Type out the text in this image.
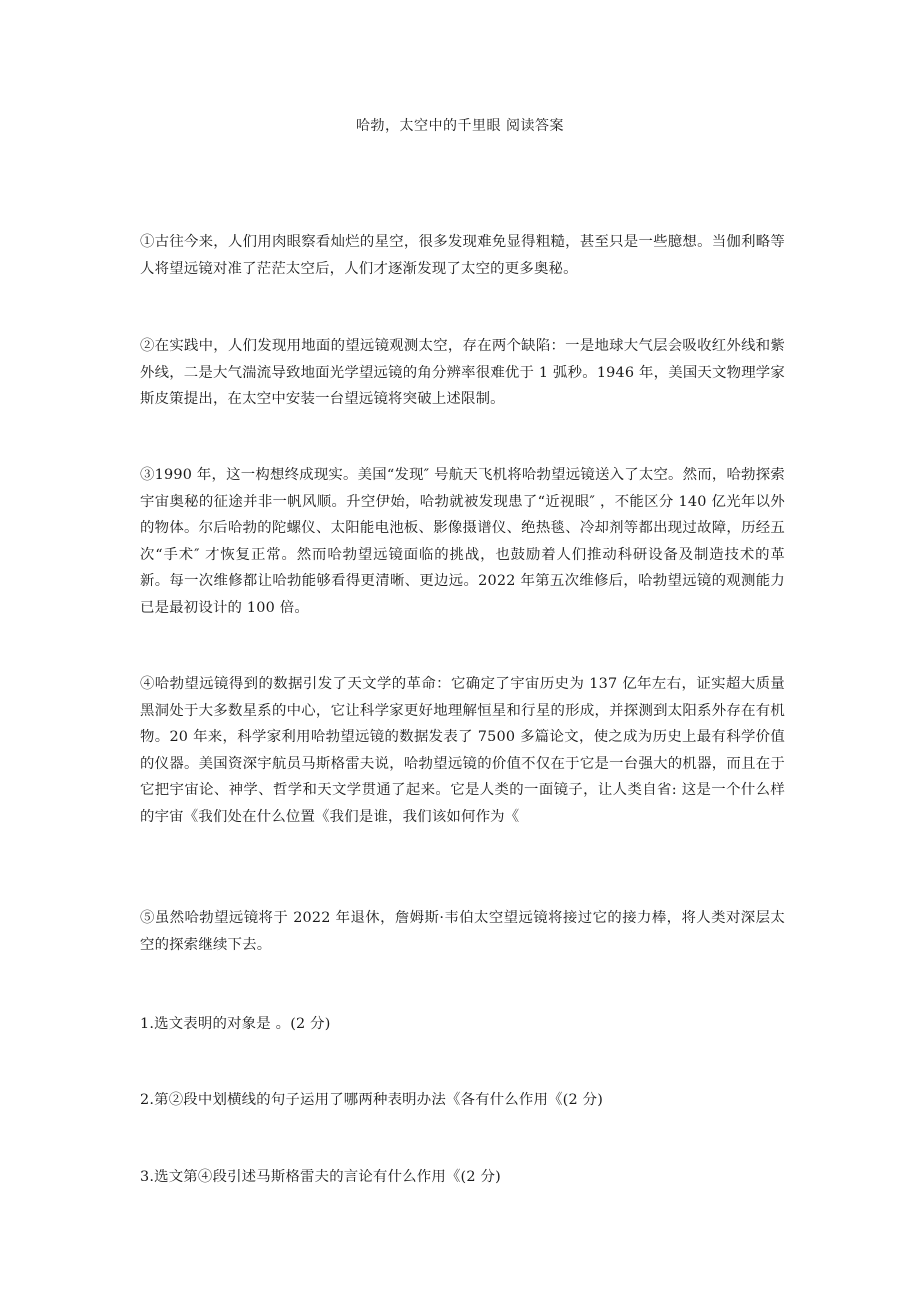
哈勃，太空中的千里眼 阅读答案

①古往今来，人们用肉眼察看灿烂的星空，很多发现难免显得粗糙，甚至只是一些臆想。当伽利略等人将望远镜对准了茫茫太空后，人们才逐渐发现了太空的更多奥秘。

②在实践中，人们发现用地面的望远镜观测太空，存在两个缺陷：一是地球大气层会吸收红外线和紫外线，二是大气湍流导致地面光学望远镜的角分辨率很难优于 1 弧秒。1946 年，美国天文物理学家斯皮策提出，在太空中安装一台望远镜将突破上述限制。

③1990 年，这一构想终成现实。美国“发现″ 号航天飞机将哈勃望远镜送入了太空。然而，哈勃探索宇宙奥秘的征途并非一帆风顺。升空伊始，哈勃就被发现患了“近视眼″ ，不能区分 140 亿光年以外的物体。尔后哈勃的陀螺仪、太阳能电池板、影像摄谱仪、绝热毯、冷却剂等都出现过故障，历经五次“手术″ 才恢复正常。然而哈勃望远镜面临的挑战，也鼓励着人们推动科研设备及制造技术的革新。每一次维修都让哈勃能够看得更清晰、更边远。2022 年第五次维修后，哈勃望远镜的观测能力已是最初设计的 100 倍。

④哈勃望远镜得到的数据引发了天文学的革命：它确定了宇宙历史为 137 亿年左右，证实超大质量黑洞处于大多数星系的中心，它让科学家更好地理解恒星和行星的形成，并探测到太阳系外存在有机物。20 年来，科学家利用哈勃望远镜的数据发表了 7500 多篇论文，使之成为历史上最有科学价值的仪器。美国资深宇航员马斯格雷夫说，哈勃望远镜的价值不仅在于它是一台强大的机器，而且在于它把宇宙论、神学、哲学和天文学贯通了起来。它是人类的一面镜子，让人类自省: 这是一个什么样的宇宙《我们处在什么位置《我们是谁，我们该如何作为《

⑤虽然哈勃望远镜将于 2022 年退休，詹姆斯·韦伯太空望远镜将接过它的接力棒，将人类对深层太空的探索继续下去。

1.选文表明的对象是 。(2 分)

2.第②段中划横线的句子运用了哪两种表明办法《各有什么作用《(2 分)

3.选文第④段引述马斯格雷夫的言论有什么作用《(2 分)
